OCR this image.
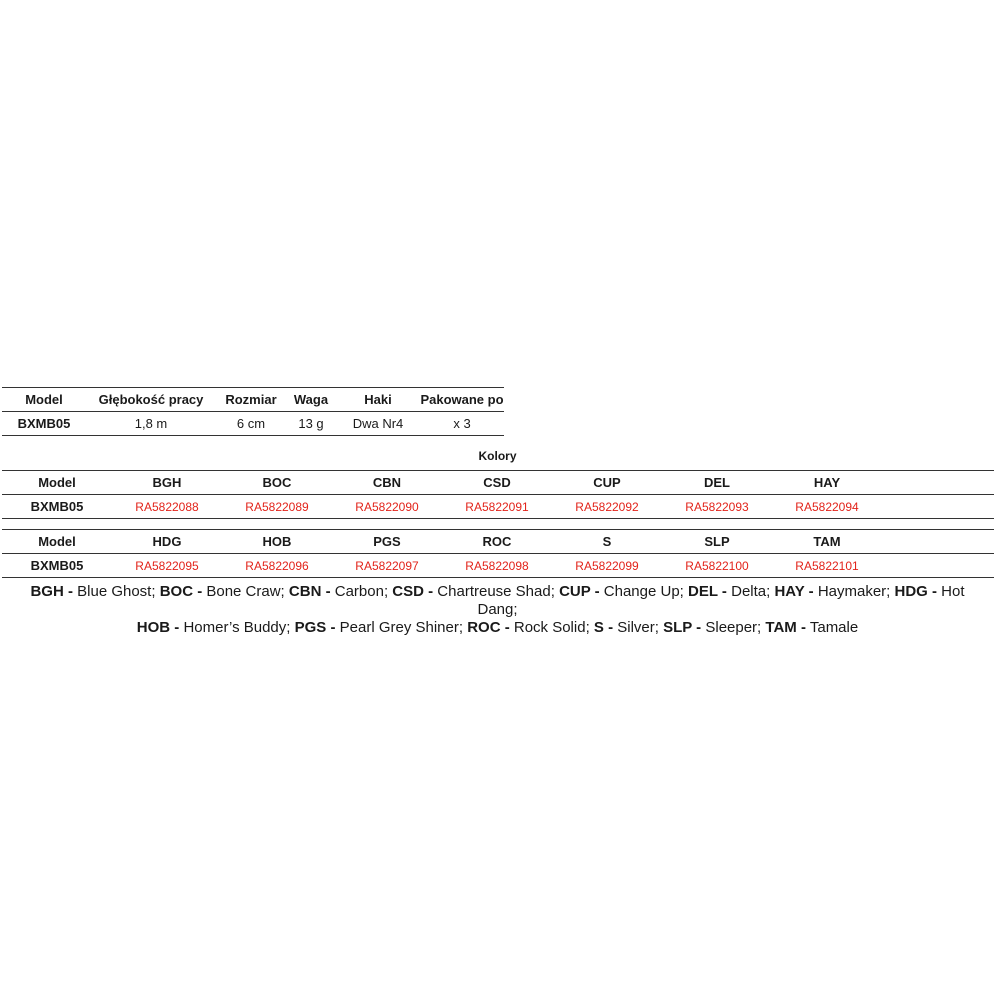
Model	Głębokość pracy	Rozmiar	Waga	Haki	Pakowane po
BXMB05	1,8 m	6 cm	13 g	Dwa Nr4	x 3
Kolory
Model	BGH	BOC	CBN	CSD	CUP	DEL	HAY	
BXMB05	RA5822088	RA5822089	RA5822090	RA5822091	RA5822092	RA5822093	RA5822094	
Model	HDG	HOB	PGS	ROC	S	SLP	TAM	
BXMB05	RA5822095	RA5822096	RA5822097	RA5822098	RA5822099	RA5822100	RA5822101	
BGH - Blue Ghost; BOC - Bone Craw; CBN - Carbon; CSD - Chartreuse Shad; CUP - Change Up; DEL - Delta; HAY - Haymaker; HDG - Hot Dang;
HOB - Homer’s Buddy; PGS - Pearl Grey Shiner; ROC - Rock Solid; S - Silver; SLP - Sleeper; TAM - Tamale
